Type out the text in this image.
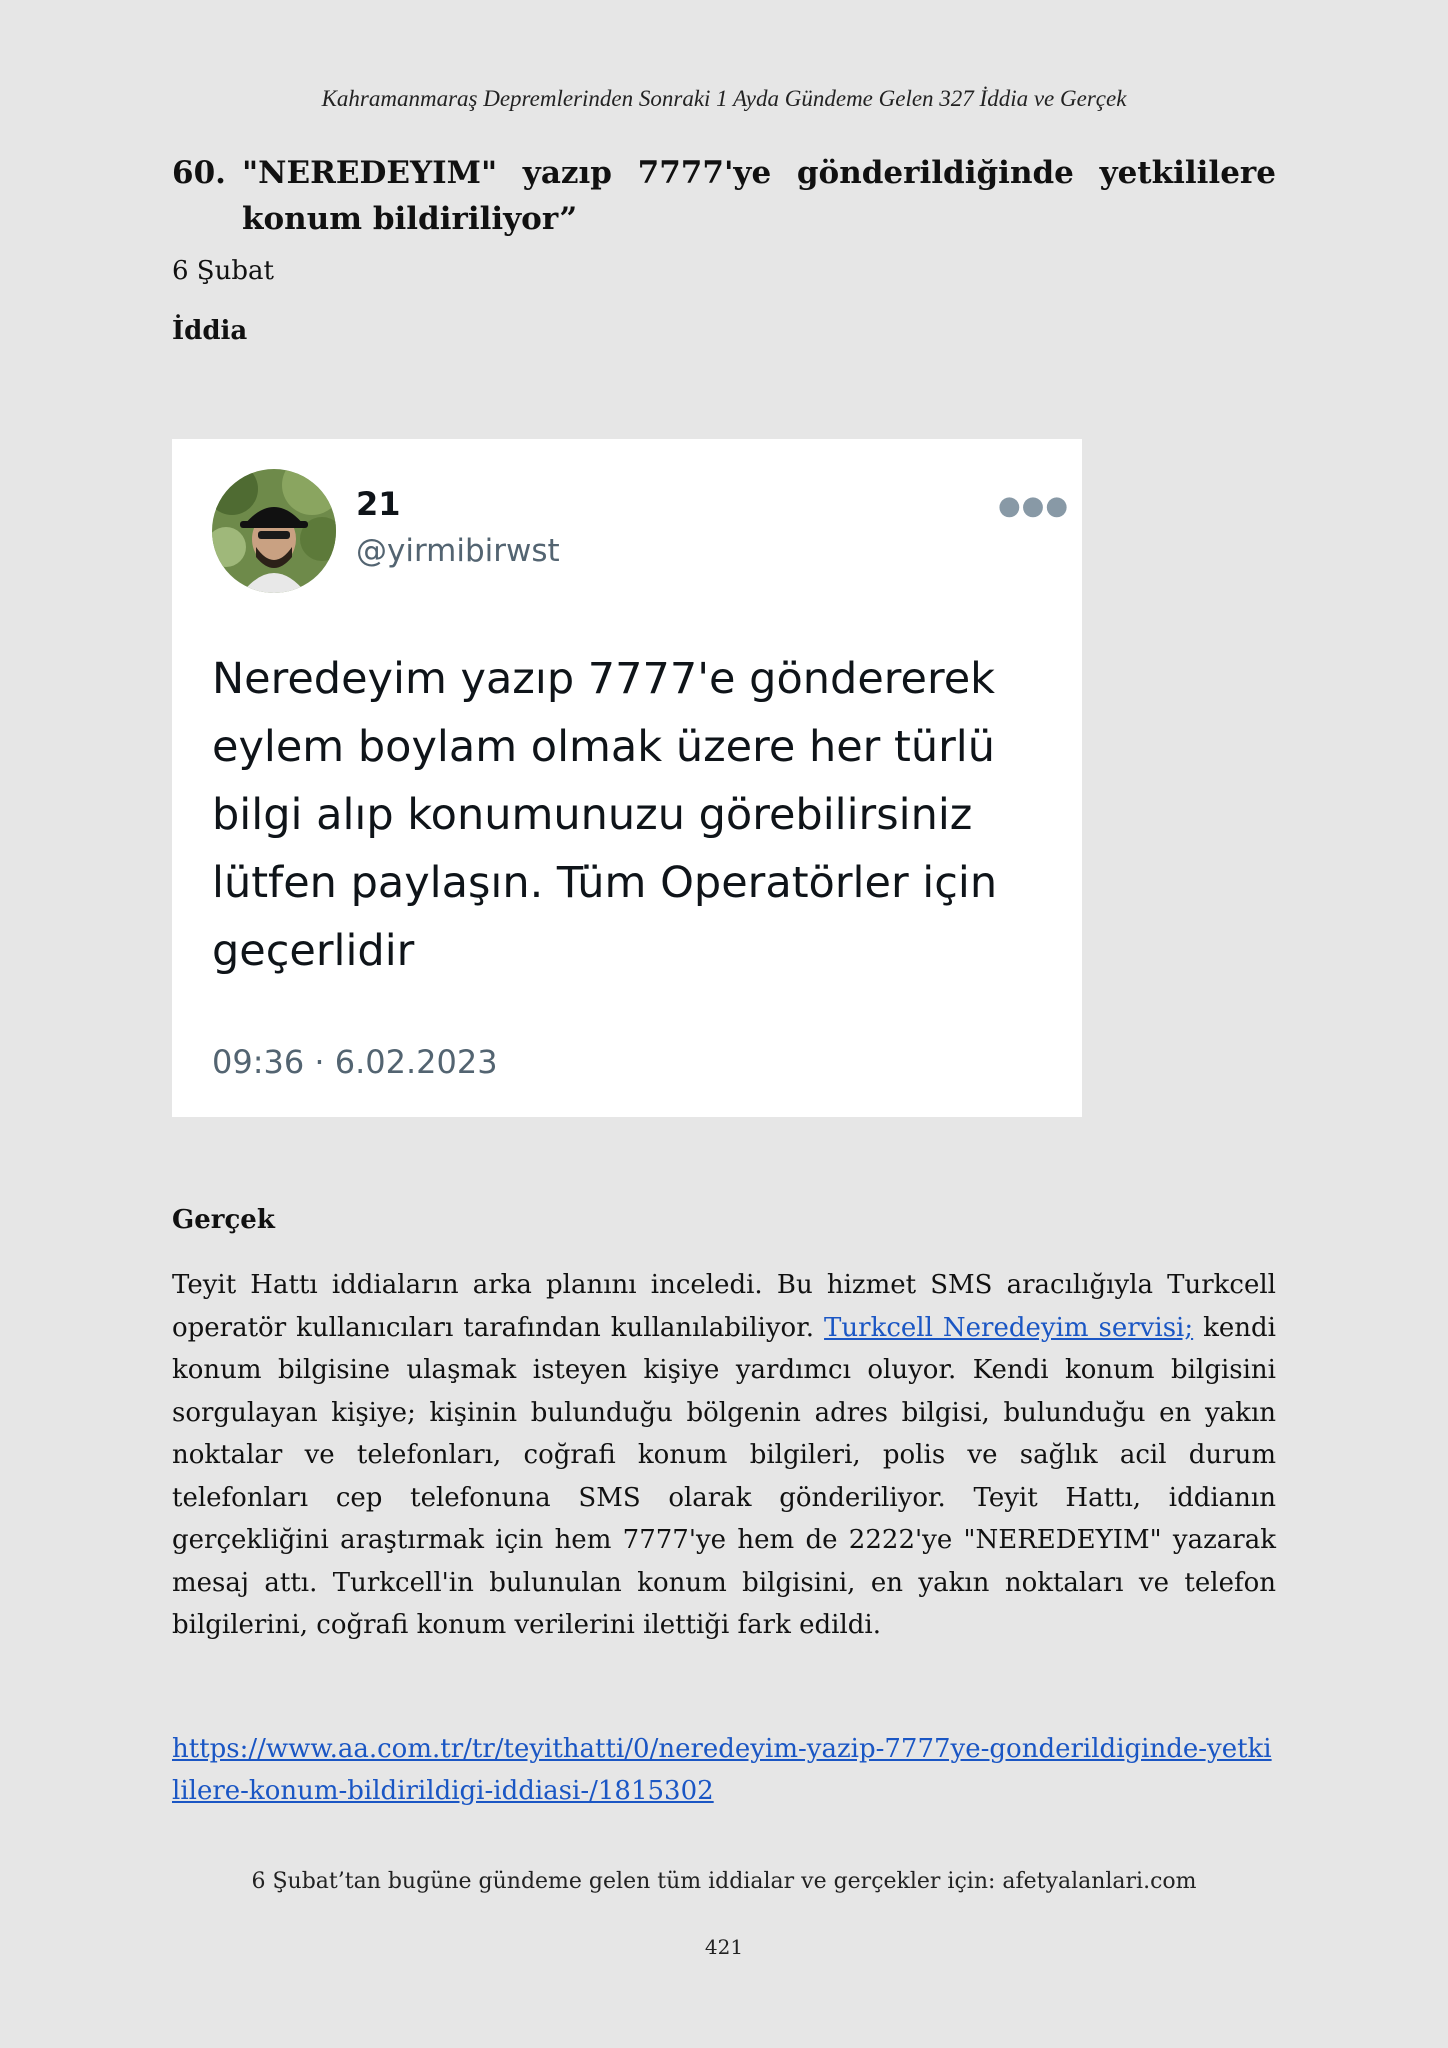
Kahramanmaraş Depremlerinden Sonraki 1 Ayda Gündeme Gelen 327 İddia ve Gerçek
60. "NEREDEYIM" yazıp 7777'ye gönderildiğinde yetkililere konum bildiriliyor”
6 Şubat
İddia
21
@yirmibirwst
●●●
Neredeyim yazıp 7777'e göndererek eylem boylam olmak üzere her türlü bilgi alıp konumunuzu görebilirsiniz lütfen paylaşın. Tüm Operatörler için geçerlidir
09:36 · 6.02.2023
Gerçek
Teyit Hattı iddiaların arka planını inceledi. Bu hizmet SMS aracılığıyla Turkcell operatör kullanıcıları tarafından kullanılabiliyor. Turkcell Neredeyim servisi; kendi konum bilgisine ulaşmak isteyen kişiye yardımcı oluyor. Kendi konum bilgisini sorgulayan kişiye; kişinin bulunduğu bölgenin adres bilgisi, bulunduğu en yakın noktalar ve telefonları, coğrafi konum bilgileri, polis ve sağlık acil durum telefonları cep telefonuna SMS olarak gönderiliyor. Teyit Hattı, iddianın gerçekliğini araştırmak için hem 7777'ye hem de 2222'ye "NEREDEYIM" yazarak mesaj attı. Turkcell'in bulunulan konum bilgisini, en yakın noktaları ve telefon bilgilerini, coğrafi konum verilerini ilettiği fark edildi.
https://www.aa.com.tr/tr/teyithatti/0/neredeyim-yazip-7777ye-gonderildiginde-yetkililere-konum-bildirildigi-iddiasi-/1815302
6 Şubat’tan bugüne gündeme gelen tüm iddialar ve gerçekler için: afetyalanlari.com
421
